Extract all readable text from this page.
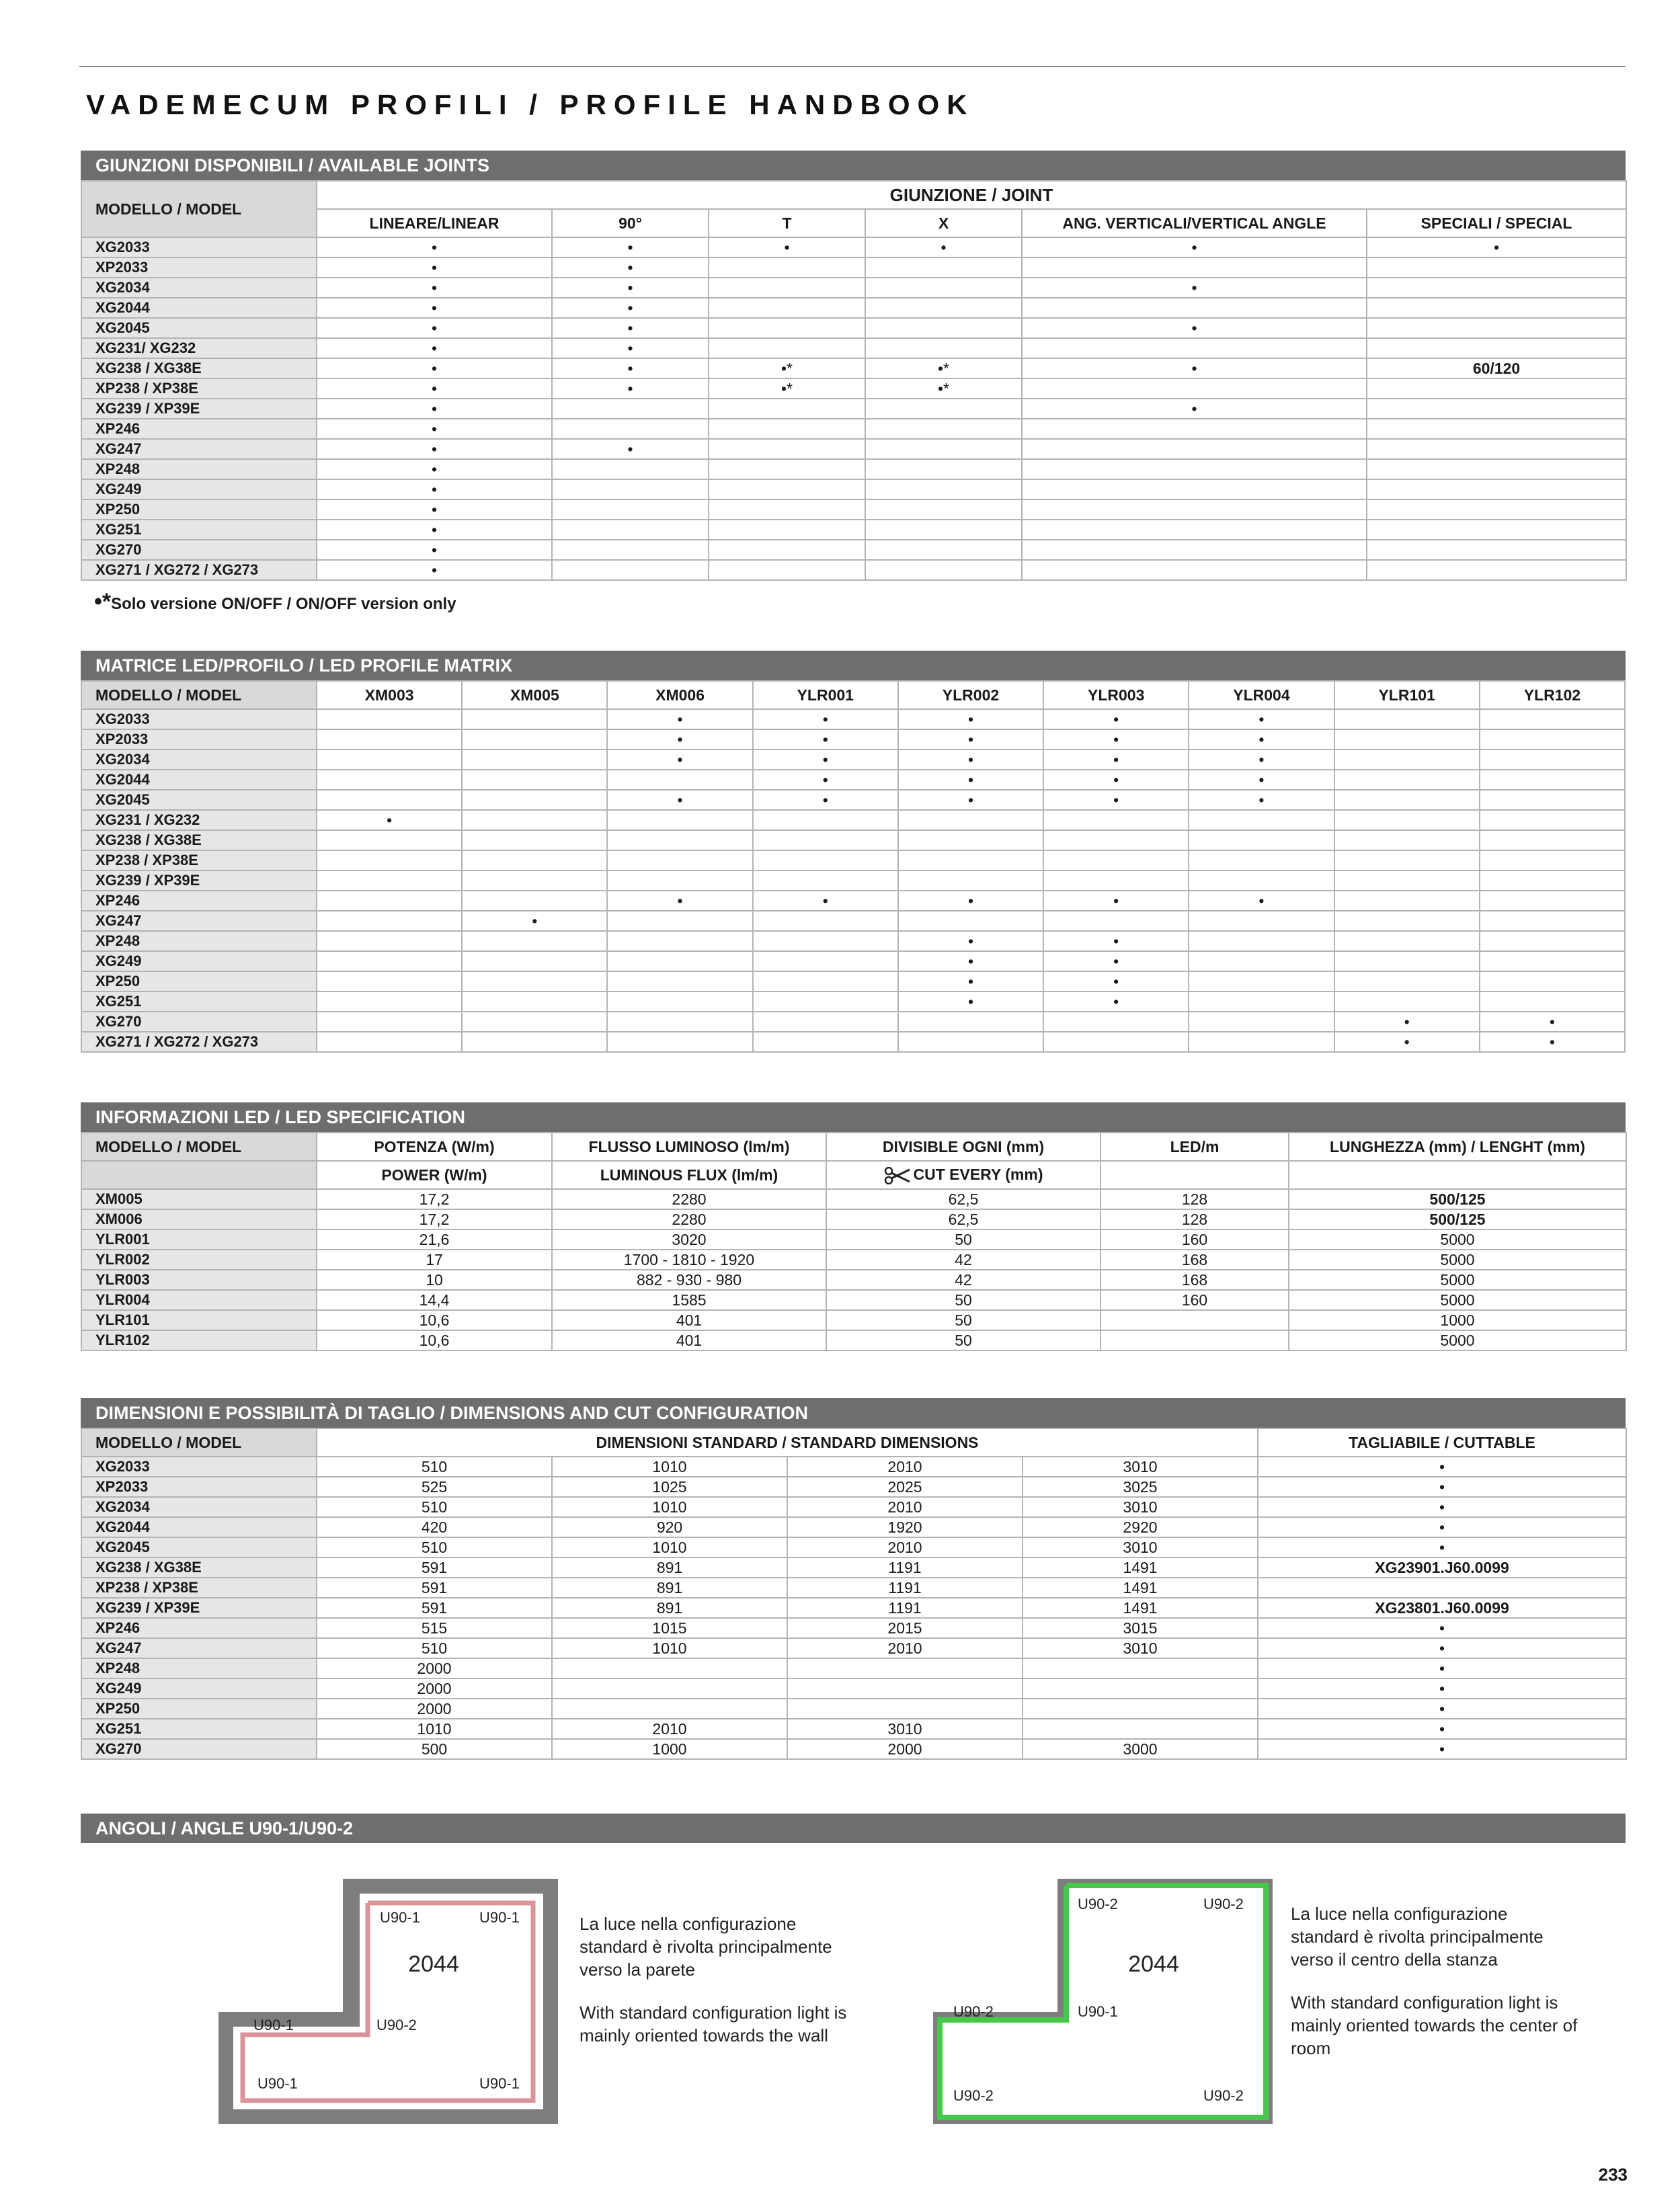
VADEMECUM PROFILI / PROFILE HANDBOOK
GIUNZIONI DISPONIBILI / AVAILABLE JOINTS
MODELLO / MODEL	GIUNZIONE / JOINT					
	LINEARE/LINEAR	90°	T	X	ANG. VERTICALI/VERTICAL ANGLE	SPECIALI / SPECIAL
XG2033	•	•	•	•	•	•
XP2033	•	•				
XG2034	•	•			•	
XG2044	•	•				
XG2045	•	•			•	
XG231/ XG232	•	•				
XG238 / XG38E	•	•	•*	•*	•	60/120
XP238 / XP38E	•	•	•*	•*		
XG239 / XP39E	•				•	
XP246	•					
XG247	•	•				
XP248	•					
XG249	•					
XP250	•					
XG251	•					
XG270	•					
XG271 / XG272 / XG273	•					
•*Solo versione ON/OFF / ON/OFF version only
MATRICE LED/PROFILO / LED PROFILE MATRIX
MODELLO / MODEL	XM003	XM005	XM006	YLR001	YLR002	YLR003	YLR004	YLR101	YLR102
XG2033			•	•	•	•	•		
XP2033			•	•	•	•	•		
XG2034			•	•	•	•	•		
XG2044				•	•	•	•		
XG2045			•	•	•	•	•		
XG231 / XG232	•								
XG238 / XG38E									
XP238 / XP38E									
XG239 / XP39E									
XP246			•	•	•	•	•		
XG247		•							
XP248					•	•			
XG249					•	•			
XP250					•	•			
XG251					•	•			
XG270								•	•
XG271 / XG272 / XG273								•	•
INFORMAZIONI LED / LED SPECIFICATION
MODELLO / MODEL	POTENZA (W/m)	FLUSSO LUMINOSO (lm/m)	DIVISIBLE OGNI (mm)	LED/m	LUNGHEZZA (mm) / LENGHT (mm)
	POWER (W/m)	LUMINOUS FLUX (lm/m)	CUT EVERY (mm)		
XM005	17,2	2280	62,5	128	500/125
XM006	17,2	2280	62,5	128	500/125
YLR001	21,6	3020	50	160	5000
YLR002	17	1700 - 1810 - 1920	42	168	5000
YLR003	10	882 - 930 - 980	42	168	5000
YLR004	14,4	1585	50	160	5000
YLR101	10,6	401	50		1000
YLR102	10,6	401	50		5000
DIMENSIONI E POSSIBILITÀ DI TAGLIO / DIMENSIONS AND CUT CONFIGURATION
MODELLO / MODEL	DIMENSIONI STANDARD / STANDARD DIMENSIONS				TAGLIABILE / CUTTABLE
XG2033	510	1010	2010	3010	•
XP2033	525	1025	2025	3025	•
XG2034	510	1010	2010	3010	•
XG2044	420	920	1920	2920	•
XG2045	510	1010	2010	3010	•
XG238 / XG38E	591	891	1191	1491	XG23901.J60.0099
XP238 / XP38E	591	891	1191	1491	
XG239 / XP39E	591	891	1191	1491	XG23801.J60.0099
XP246	515	1015	2015	3015	•
XG247	510	1010	2010	3010	•
XP248	2000				•
XG249	2000				•
XP250	2000				•
XG251	1010	2010	3010		•
XG270	500	1000	2000	3000	•
ANGOLI / ANGLE U90-1/U90-2
2044
U90-1	U90-1
U90-1	U90-2
U90-1	U90-1

La luce nella configurazione standard è rivolta principalmente verso la parete

With standard configuration light is mainly oriented towards the wall

2044
U90-2	U90-2
U90-2	U90-1
U90-2	U90-2

La luce nella configurazione standard è rivolta principalmente verso il centro della stanza

With standard configuration light is mainly oriented towards the center of room

233
